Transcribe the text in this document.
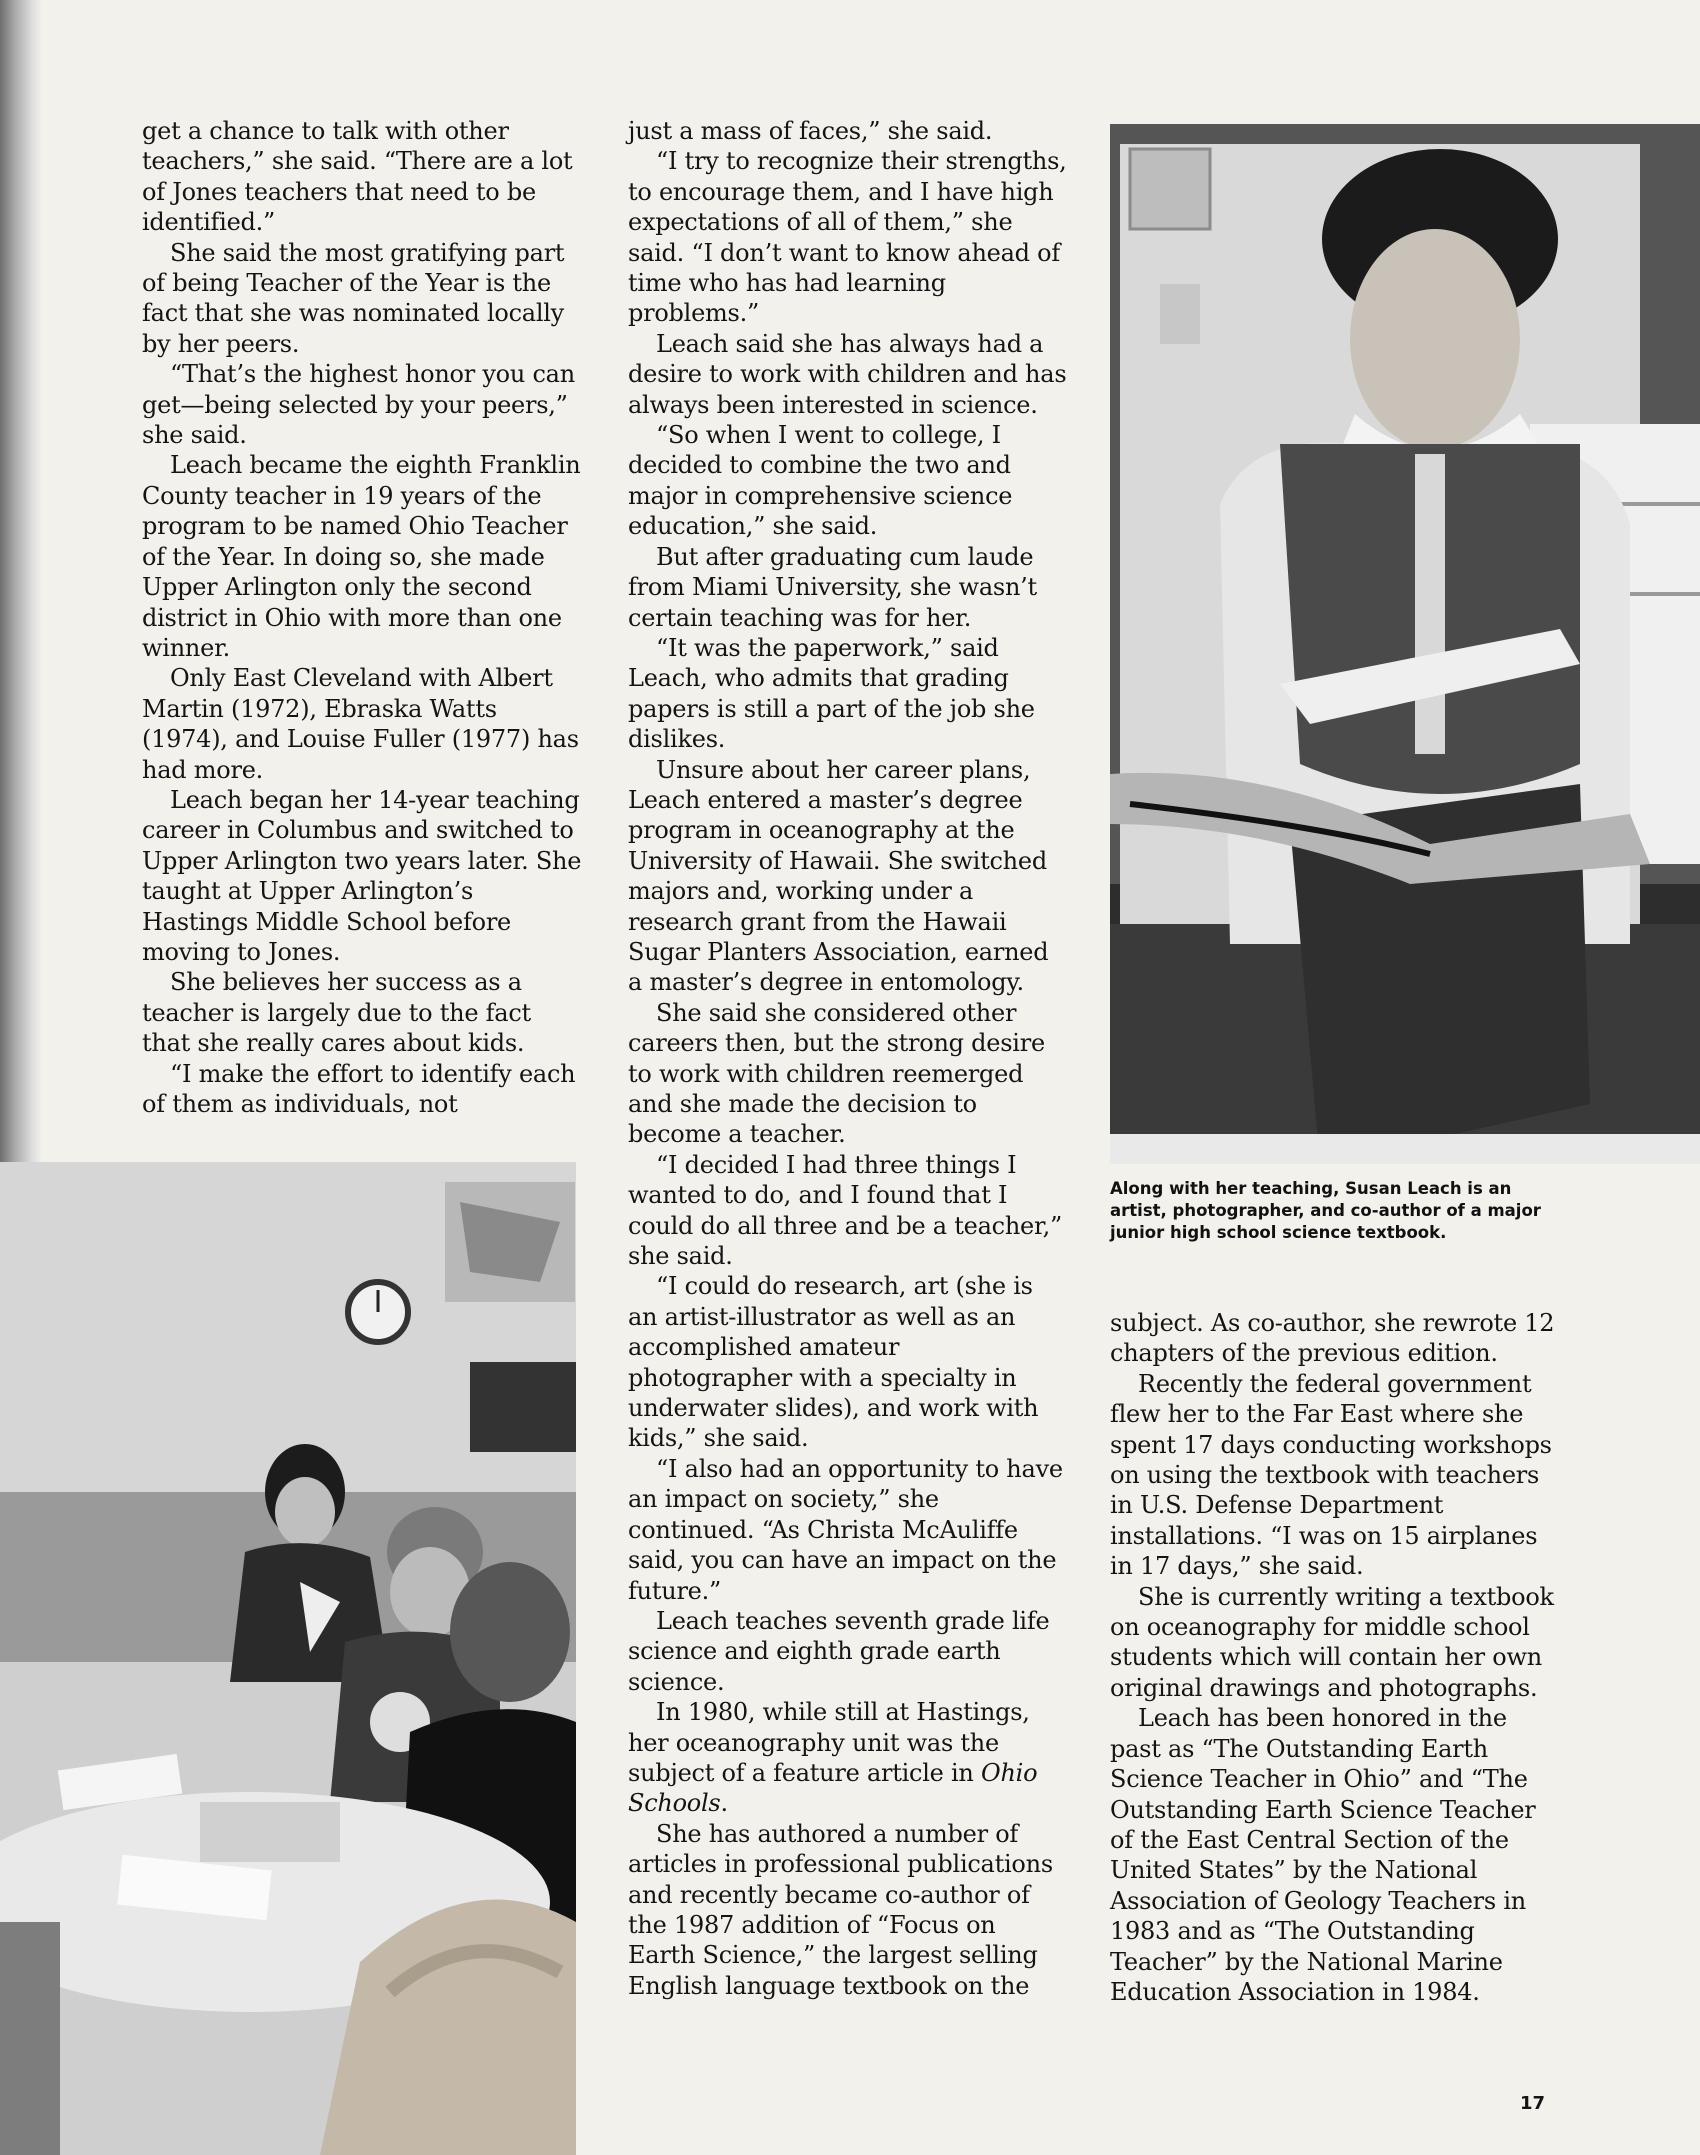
get a chance to talk with other teachers,” she said. “There are a lot of Jones teachers that need to be identified.”

She said the most gratifying part of being Teacher of the Year is the fact that she was nominated locally by her peers.

“That’s the highest honor you can get—being selected by your peers,” she said.

Leach became the eighth Franklin County teacher in 19 years of the program to be named Ohio Teacher of the Year. In doing so, she made Upper Arlington only the second district in Ohio with more than one winner.

Only East Cleveland with Albert Martin (1972), Ebraska Watts (1974), and Louise Fuller (1977) has had more.

Leach began her 14-year teaching career in Columbus and switched to Upper Arlington two years later. She taught at Upper Arlington’s Hastings Middle School before moving to Jones.

She believes her success as a teacher is largely due to the fact that she really cares about kids.

“I make the effort to identify each of them as individuals, not

just a mass of faces,” she said.

“I try to recognize their strengths, to encourage them, and I have high expectations of all of them,” she said. “I don’t want to know ahead of time who has had learning problems.”

Leach said she has always had a desire to work with children and has always been interested in science.

“So when I went to college, I decided to combine the two and major in comprehensive science education,” she said.

But after graduating cum laude from Miami University, she wasn’t certain teaching was for her.

“It was the paperwork,” said Leach, who admits that grading papers is still a part of the job she dislikes.

Unsure about her career plans, Leach entered a master’s degree program in oceanography at the University of Hawaii. She switched majors and, working under a research grant from the Hawaii Sugar Planters Association, earned a master’s degree in entomology.

She said she considered other careers then, but the strong desire to work with children reemerged and she made the decision to become a teacher.

“I decided I had three things I wanted to do, and I found that I could do all three and be a teacher,” she said.

“I could do research, art (she is an artist-illustrator as well as an accomplished amateur photographer with a specialty in underwater slides), and work with kids,” she said.

“I also had an opportunity to have an impact on society,” she continued. “As Christa McAuliffe said, you can have an impact on the future.”

Leach teaches seventh grade life science and eighth grade earth science.

In 1980, while still at Hastings, her oceanography unit was the subject of a feature article in Ohio Schools.

She has authored a number of articles in professional publications and recently became co-author of the 1987 addition of “Focus on Earth Science,” the largest selling English language textbook on the

subject. As co-author, she rewrote 12 chapters of the previous edition.

Recently the federal government flew her to the Far East where she spent 17 days conducting workshops on using the textbook with teachers in U.S. Defense Department installations. “I was on 15 airplanes in 17 days,” she said.

She is currently writing a textbook on oceanography for middle school students which will contain her own original drawings and photographs.

Leach has been honored in the past as “The Outstanding Earth Science Teacher in Ohio” and “The Outstanding Earth Science Teacher of the East Central Section of the United States” by the National Association of Geology Teachers in 1983 and as “The Outstanding Teacher” by the National Marine Education Association in 1984.

Along with her teaching, Susan Leach is an artist, photographer, and co-author of a major junior high school science textbook.
17
